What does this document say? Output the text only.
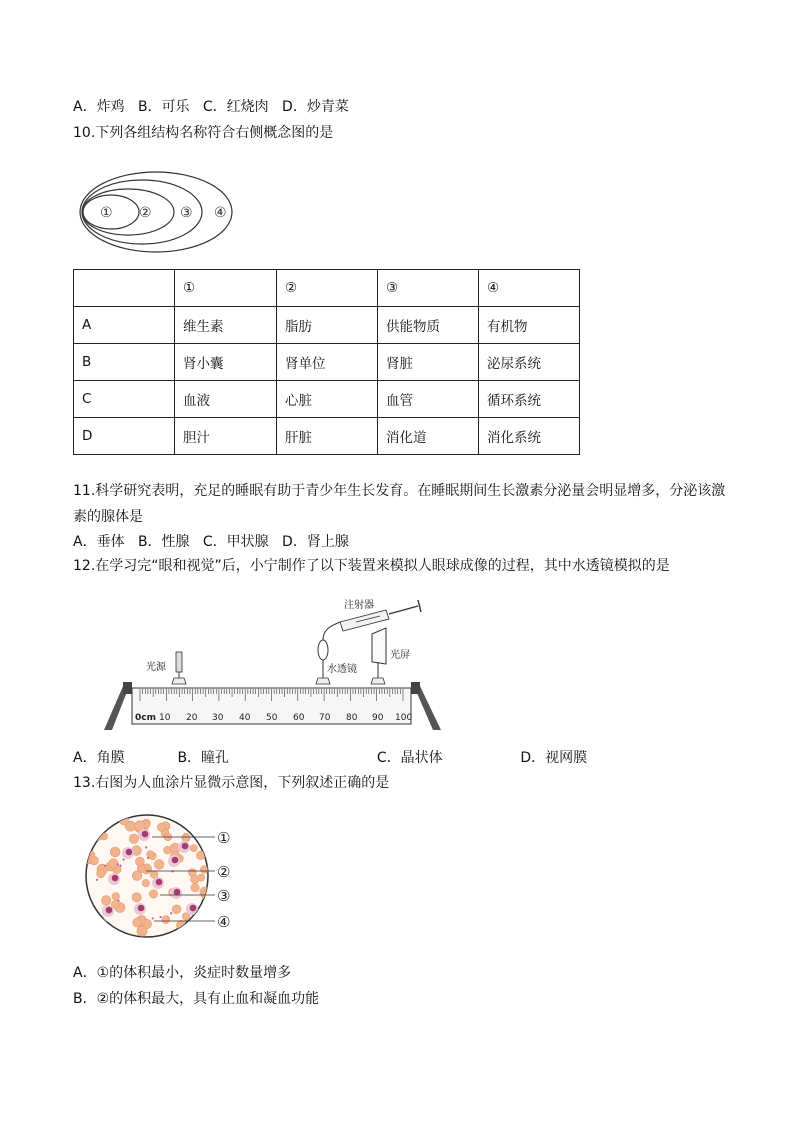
A．炸鸡 B．可乐 C．红烧肉 D．炒青菜
10.下列各组结构名称符合右侧概念图的是
① ② ③ ④
	①	②	③	④
A	维生素	脂肪	供能物质	有机物
B	肾小囊	肾单位	肾脏	泌尿系统
C	血液	心脏	血管	循环系统
D	胆汁	肝脏	消化道	消化系统
11.科学研究表明，充足的睡眠有助于青少年生长发育。在睡眠期间生长激素分泌量会明显增多，分泌该激
素的腺体是
A．垂体 B．性腺 C．甲状腺 D．肾上腺
12.在学习完“眼和视觉”后，小宁制作了以下装置来模拟人眼球成像的过程，其中水透镜模拟的是
0cm 10 20 30 40 50 60 70 80 90 100
光源	水透镜
注射器
光屏
A．角膜	B．瞳孔	C．晶状体	D．视网膜
13.右图为人血涂片显微示意图，下列叙述正确的是
①
②
③
④
A．①的体积最小，炎症时数量增多
B．②的体积最大，具有止血和凝血功能
